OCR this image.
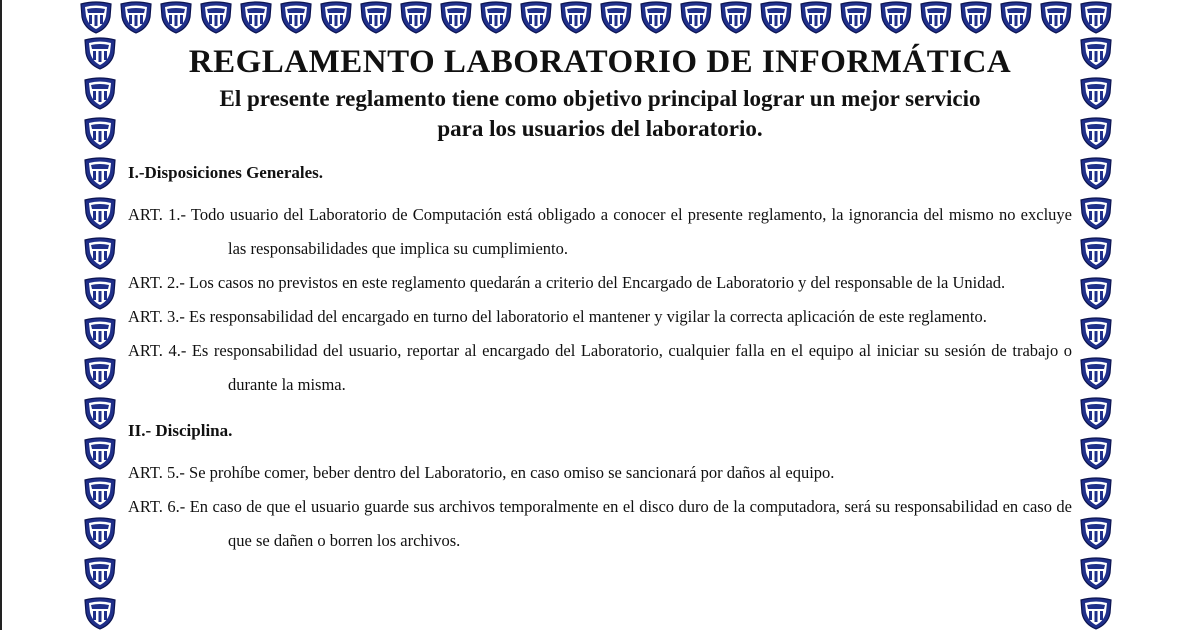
REGLAMENTO LABORATORIO DE INFORMÁTICA
El presente reglamento tiene como objetivo principal lograr un mejor servicio
para los usuarios del laboratorio.
I.-Disposiciones Generales.

ART. 1.- Todo usuario del Laboratorio de Computación está obligado a conocer el presente reglamento, la ignorancia del mismo no excluye las responsabilidades que implica su cumplimiento.

ART. 2.- Los casos no previstos en este reglamento quedarán a criterio del Encargado de Laboratorio y del responsable de la Unidad.

ART. 3.- Es responsabilidad del encargado en turno del laboratorio el mantener y vigilar la correcta aplicación de este reglamento.

ART. 4.- Es responsabilidad del usuario, reportar al encargado del Laboratorio, cualquier falla en el equipo al iniciar su sesión de trabajo o durante la misma.

II.- Disciplina.

ART. 5.- Se prohíbe comer, beber dentro del Laboratorio, en caso omiso se sancionará por daños al equipo.

ART. 6.- En caso de que el usuario guarde sus archivos temporalmente en el disco duro de la computadora, será su responsabilidad en caso de que se dañen o borren los archivos.
